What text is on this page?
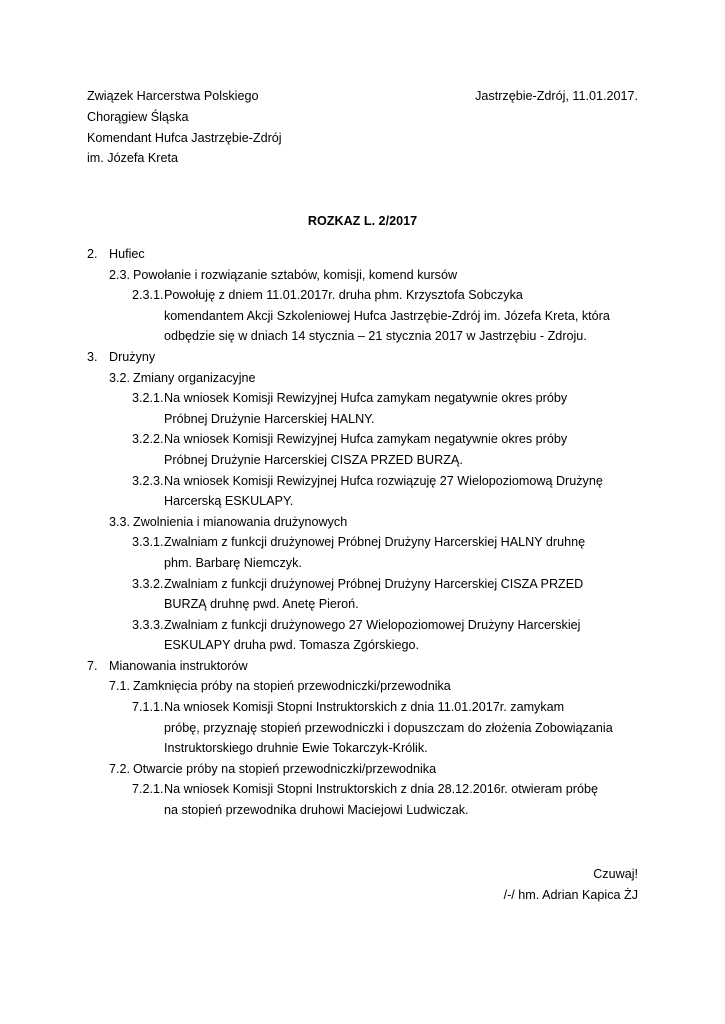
Związek Harcerstwa Polskiego
Chorągiew Śląska
Komendant Hufca Jastrzębie-Zdrój
im. Józefa Kreta
Jastrzębie-Zdrój, 11.01.2017.
ROZKAZ L. 2/2017
2. Hufiec
2.3. Powołanie i rozwiązanie sztabów, komisji, komend kursów
2.3.1. Powołuję z dniem 11.01.2017r. druha phm. Krzysztofa Sobczyka
komendantem Akcji Szkoleniowej Hufca Jastrzębie-Zdrój im. Józefa Kreta, która
odbędzie się w dniach 14 stycznia – 21 stycznia 2017 w Jastrzębiu - Zdroju.
3. Drużyny
3.2. Zmiany organizacyjne
3.2.1. Na wniosek Komisji Rewizyjnej Hufca zamykam negatywnie okres próby
Próbnej Drużynie Harcerskiej HALNY.
3.2.2. Na wniosek Komisji Rewizyjnej Hufca zamykam negatywnie okres próby
Próbnej Drużynie Harcerskiej CISZA PRZED BURZĄ.
3.2.3. Na wniosek Komisji Rewizyjnej Hufca rozwiązuję 27 Wielopoziomową Drużynę
Harcerską ESKULAPY.
3.3. Zwolnienia i mianowania drużynowych
3.3.1. Zwalniam z funkcji drużynowej Próbnej Drużyny Harcerskiej HALNY druhnę
phm. Barbarę Niemczyk.
3.3.2. Zwalniam z funkcji drużynowej Próbnej Drużyny Harcerskiej CISZA PRZED
BURZĄ druhnę pwd. Anetę Pieroń.
3.3.3. Zwalniam z funkcji drużynowego 27 Wielopoziomowej Drużyny Harcerskiej
ESKULAPY druha pwd. Tomasza Zgórskiego.
7. Mianowania instruktorów
7.1. Zamknięcia próby na stopień przewodniczki/przewodnika
7.1.1. Na wniosek Komisji Stopni Instruktorskich z dnia 11.01.2017r. zamykam
próbę, przyznaję stopień przewodniczki i dopuszczam do złożenia Zobowiązania
Instruktorskiego druhnie Ewie Tokarczyk-Królik.
7.2. Otwarcie próby na stopień przewodniczki/przewodnika
7.2.1. Na wniosek Komisji Stopni Instruktorskich z dnia 28.12.2016r. otwieram próbę
na stopień przewodnika druhowi Maciejowi Ludwiczak.
Czuwaj!
/-/ hm. Adrian Kapica ŻJ
